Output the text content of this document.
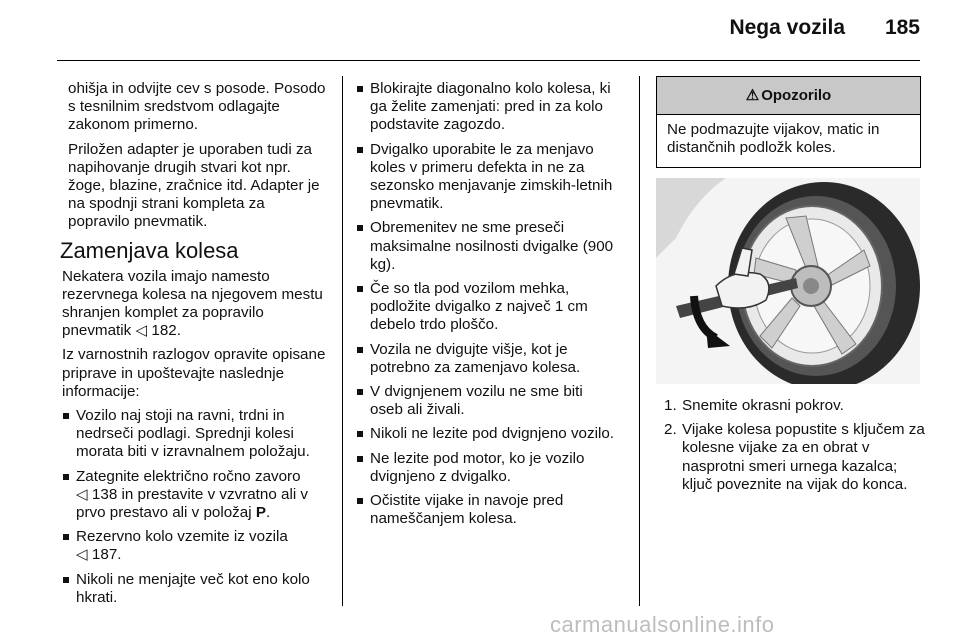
Nega vozila	185

ohišja in odvijte cev s posode. Posodo s tesnilnim sredstvom odlagajte zakonom primerno.

Priložen adapter je uporaben tudi za napihovanje drugih stvari kot npr. žoge, blazine, zračnice itd. Adapter je na spodnji strani kompleta za popravilo pnevmatik.

Zamenjava kolesa

Nekatera vozila imajo namesto rezervnega kolesa na njegovem mestu shranjen komplet za popravilo pnevmatik ◁ 182.

Iz varnostnih razlogov opravite opisane priprave in upoštevajte naslednje informacije:

Vozilo naj stoji na ravni, trdni in nedrseči podlagi. Sprednji kolesi morata biti v izravnalnem položaju.
Zategnite električno ročno zavoro
◁ 138 in prestavite v vzvratno ali v prvo prestavo ali v položaj P.
Rezervno kolo vzemite iz vozila
◁ 187.
Nikoli ne menjajte več kot eno kolo hkrati.
Blokirajte diagonalno kolo kolesa, ki ga želite zamenjati: pred in za kolo podstavite zagozdo.
Dvigalko uporabite le za menjavo koles v primeru defekta in ne za sezonsko menjavanje zimskih-letnih pnevmatik.
Obremenitev ne sme preseči maksimalne nosilnosti dvigalke (900 kg).
Če so tla pod vozilom mehka, podložite dvigalko z največ 1 cm debelo trdo ploščo.
Vozila ne dvigujte višje, kot je potrebno za zamenjavo kolesa.
V dvignjenem vozilu ne sme biti oseb ali živali.
Nikoli ne lezite pod dvignjeno vozilo.
Ne lezite pod motor, ko je vozilo dvignjeno z dvigalko.
Očistite vijake in navoje pred nameščanjem kolesa.
⚠ Opozorilo
Ne podmazujte vijakov, matic in distančnih podložk koles.
1. Snemite okrasni pokrov.
2. Vijake kolesa popustite s ključem za kolesne vijake za en obrat v nasprotni smeri urnega kazalca; ključ poveznite na vijak do konca.
carmanualsonline.info
